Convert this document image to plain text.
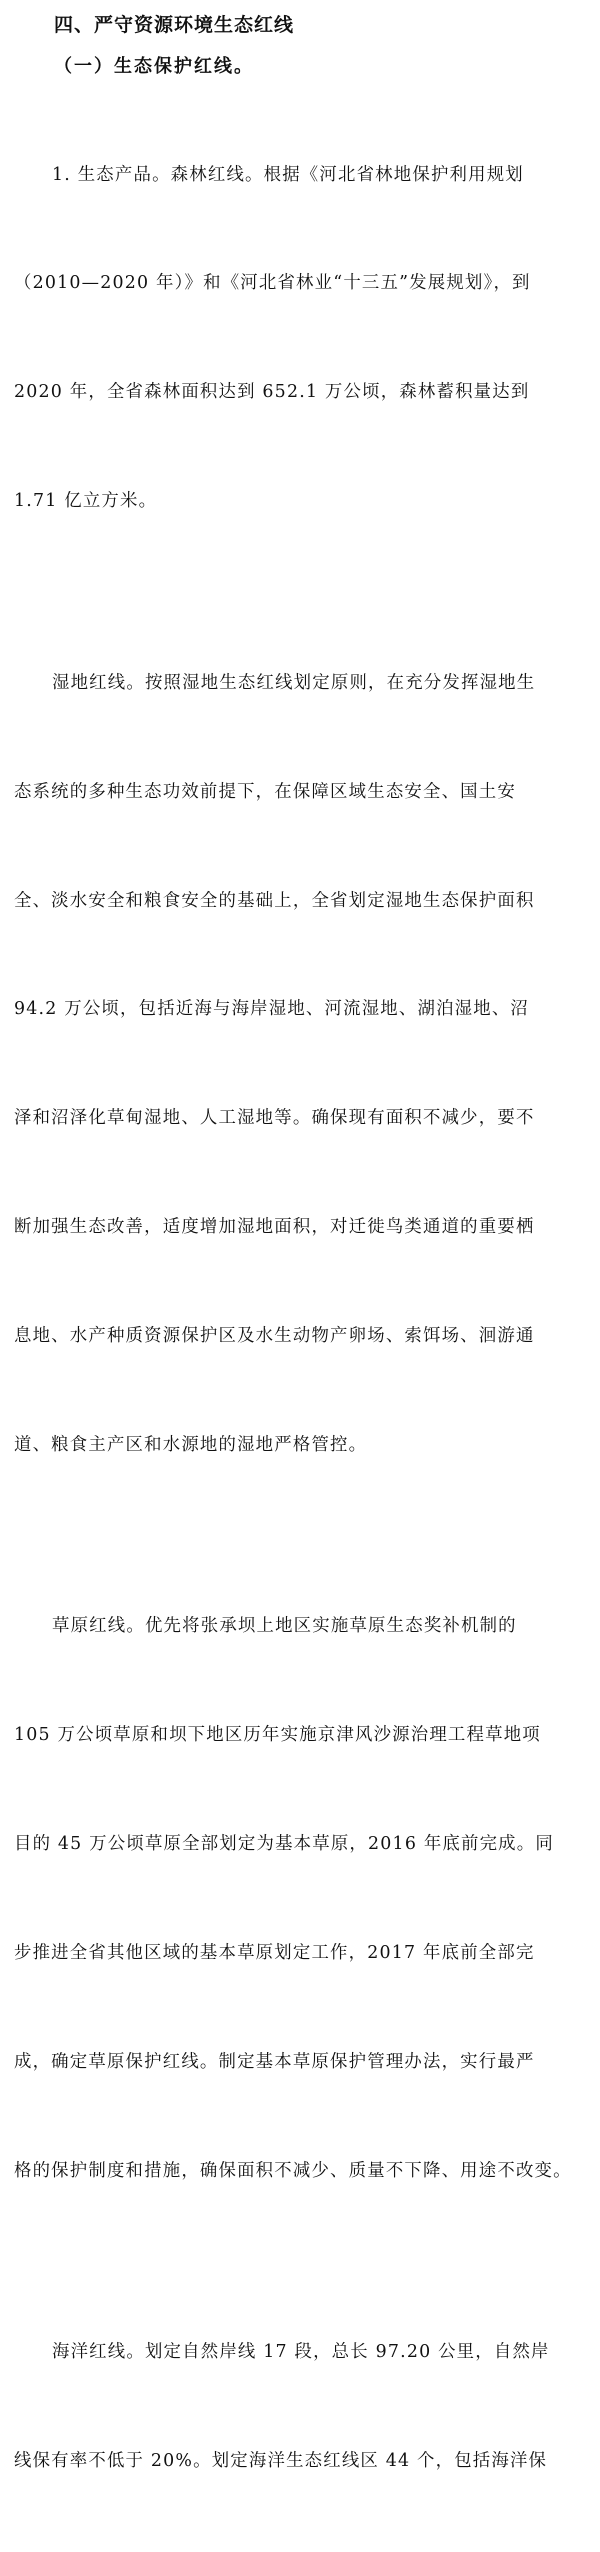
四、严守资源环境生态红线
（一）生态保护红线。

1. 生态产品。森林红线。根据《河北省林地保护利用规划

（2010—2020 年）》和《河北省林业“十三五”发展规划》，到

2020 年，全省森林面积达到 652.1 万公顷，森林蓄积量达到

1.71 亿立方米。

湿地红线。按照湿地生态红线划定原则，在充分发挥湿地生

态系统的多种生态功效前提下，在保障区域生态安全、国土安

全、淡水安全和粮食安全的基础上，全省划定湿地生态保护面积

94.2 万公顷，包括近海与海岸湿地、河流湿地、湖泊湿地、沼

泽和沼泽化草甸湿地、人工湿地等。确保现有面积不减少，要不

断加强生态改善，适度增加湿地面积，对迁徙鸟类通道的重要栖

息地、水产种质资源保护区及水生动物产卵场、索饵场、洄游通

道、粮食主产区和水源地的湿地严格管控。

草原红线。优先将张承坝上地区实施草原生态奖补机制的

105 万公顷草原和坝下地区历年实施京津风沙源治理工程草地项

目的 45 万公顷草原全部划定为基本草原，2016 年底前完成。同

步推进全省其他区域的基本草原划定工作，2017 年底前全部完

成，确定草原保护红线。制定基本草原保护管理办法，实行最严

格的保护制度和措施，确保面积不减少、质量不下降、用途不改变。

海洋红线。划定自然岸线 17 段，总长 97.20 公里，自然岸

线保有率不低于 20%。划定海洋生态红线区 44 个，包括海洋保
